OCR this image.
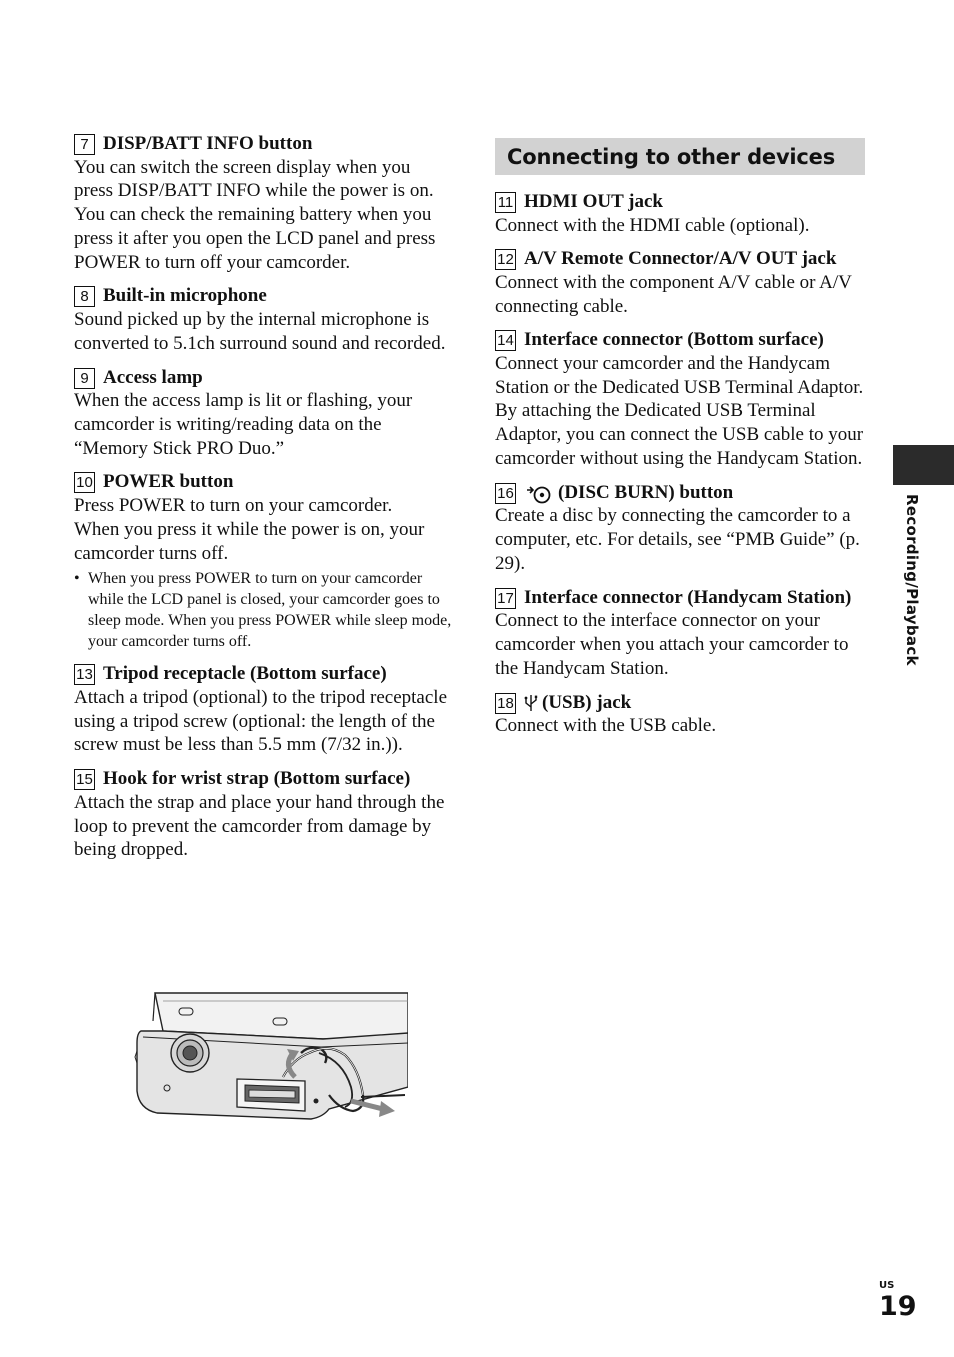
7 DISP/BATT INFO button

You can switch the screen display when you press DISP/BATT INFO while the power is on.

You can check the remaining battery when you press it after you open the LCD panel and press POWER to turn off your camcorder.

8 Built-in microphone

Sound picked up by the internal microphone is converted to 5.1ch surround sound and recorded.

9 Access lamp

When the access lamp is lit or flashing, your camcorder is writing/reading data on the “Memory Stick PRO Duo.”

10 POWER button

Press POWER to turn on your camcorder.

When you press it while the power is on, your camcorder turns off.

• When you press POWER to turn on your camcorder while the LCD panel is closed, your camcorder goes to sleep mode. When you press POWER while sleep mode, your camcorder turns off.
13 Tripod receptacle (Bottom surface)

Attach a tripod (optional) to the tripod receptacle using a tripod screw (optional: the length of the screw must be less than 5.5 mm (7/32 in.)).

15 Hook for wrist strap (Bottom surface)

Attach the strap and place your hand through the loop to prevent the camcorder from damage by being dropped.

Connecting to other devices
11 HDMI OUT jack

Connect with the HDMI cable (optional).

12 A/V Remote Connector/A/V OUT jack

Connect with the component A/V cable or A/V connecting cable.

14 Interface connector (Bottom surface)

Connect your camcorder and the Handycam Station or the Dedicated USB Terminal Adaptor.

By attaching the Dedicated USB Terminal Adaptor, you can connect the USB cable to your camcorder without using the Handycam Station.

16	(DISC BURN) button

Create a disc by connecting the camcorder to a computer, etc. For details, see “PMB Guide” (p. 29).

17 Interface connector (Handycam Station)

Connect to the interface connector on your camcorder when you attach your camcorder to the Handycam Station.

18	(USB) jack

Connect with the USB cable.

Recording/Playback
US
19
